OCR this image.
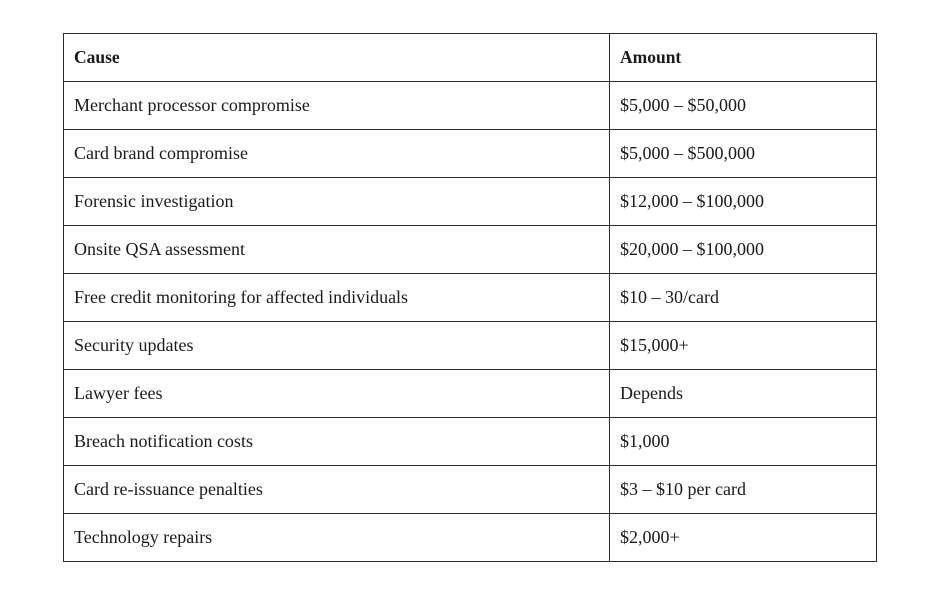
Cause	Amount
Merchant processor compromise	$5,000 – $50,000
Card brand compromise	$5,000 – $500,000
Forensic investigation	$12,000 – $100,000
Onsite QSA assessment	$20,000 – $100,000
Free credit monitoring for affected individuals	$10 – 30/card
Security updates	$15,000+
Lawyer fees	Depends
Breach notification costs	$1,000
Card re-issuance penalties	$3 – $10 per card
Technology repairs	$2,000+
